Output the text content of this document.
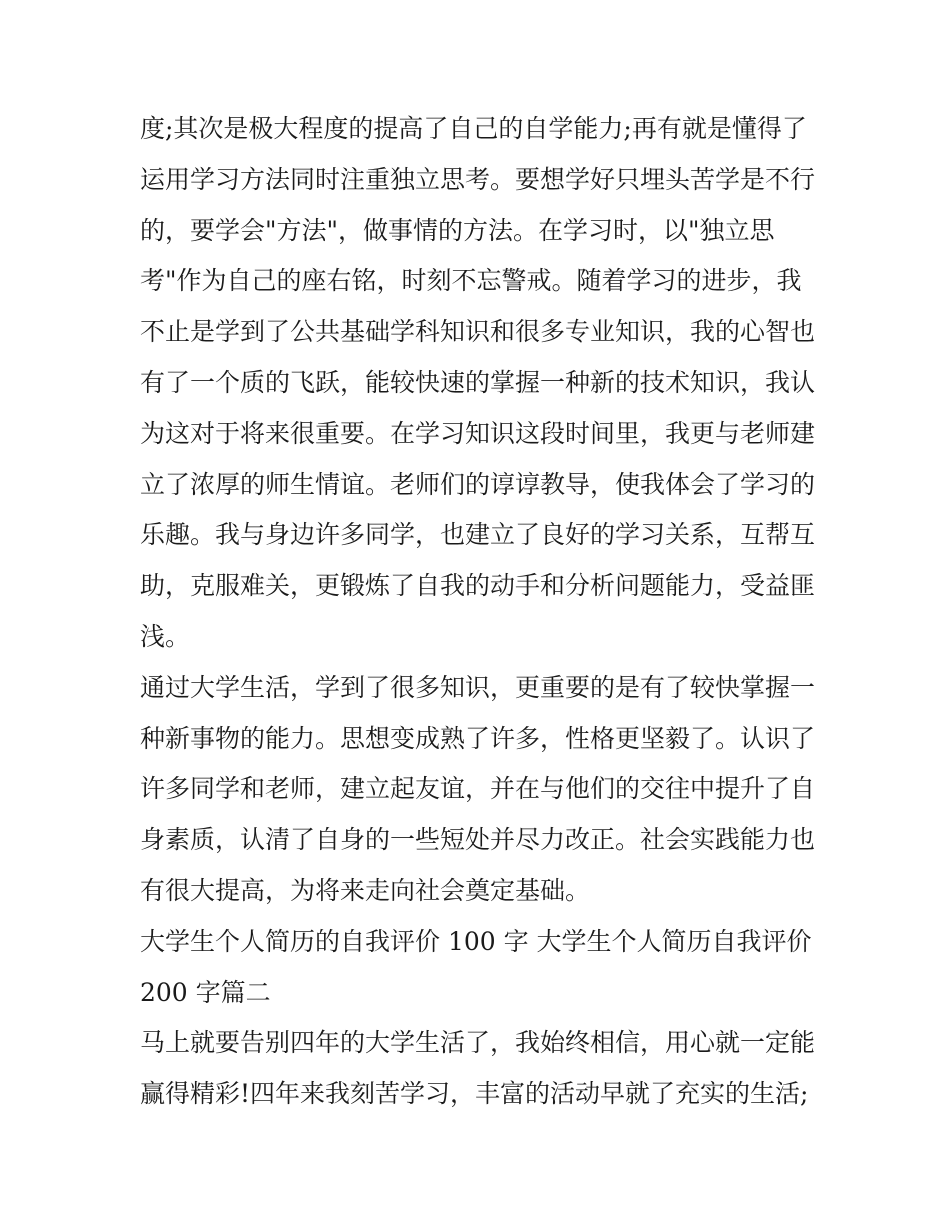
度;其次是极大程度的提高了自己的自学能力;再有就是懂得了
运用学习方法同时注重独立思考。要想学好只埋头苦学是不行
的，要学会"方法"，做事情的方法。在学习时，以"独立思
考"作为自己的座右铭，时刻不忘警戒。随着学习的进步，我
不止是学到了公共基础学科知识和很多专业知识，我的心智也
有了一个质的飞跃，能较快速的掌握一种新的技术知识，我认
为这对于将来很重要。在学习知识这段时间里，我更与老师建
立了浓厚的师生情谊。老师们的谆谆教导，使我体会了学习的
乐趣。我与身边许多同学，也建立了良好的学习关系，互帮互
助，克服难关，更锻炼了自我的动手和分析问题能力，受益匪
浅。
通过大学生活，学到了很多知识，更重要的是有了较快掌握一
种新事物的能力。思想变成熟了许多，性格更坚毅了。认识了
许多同学和老师，建立起友谊，并在与他们的交往中提升了自
身素质，认清了自身的一些短处并尽力改正。社会实践能力也
有很大提高，为将来走向社会奠定基础。
大学生个人简历的自我评价 100 字 大学生个人简历自我评价
200 字篇二
马上就要告别四年的大学生活了，我始终相信，用心就一定能
赢得精彩!四年来我刻苦学习，丰富的活动早就了充实的生活;
